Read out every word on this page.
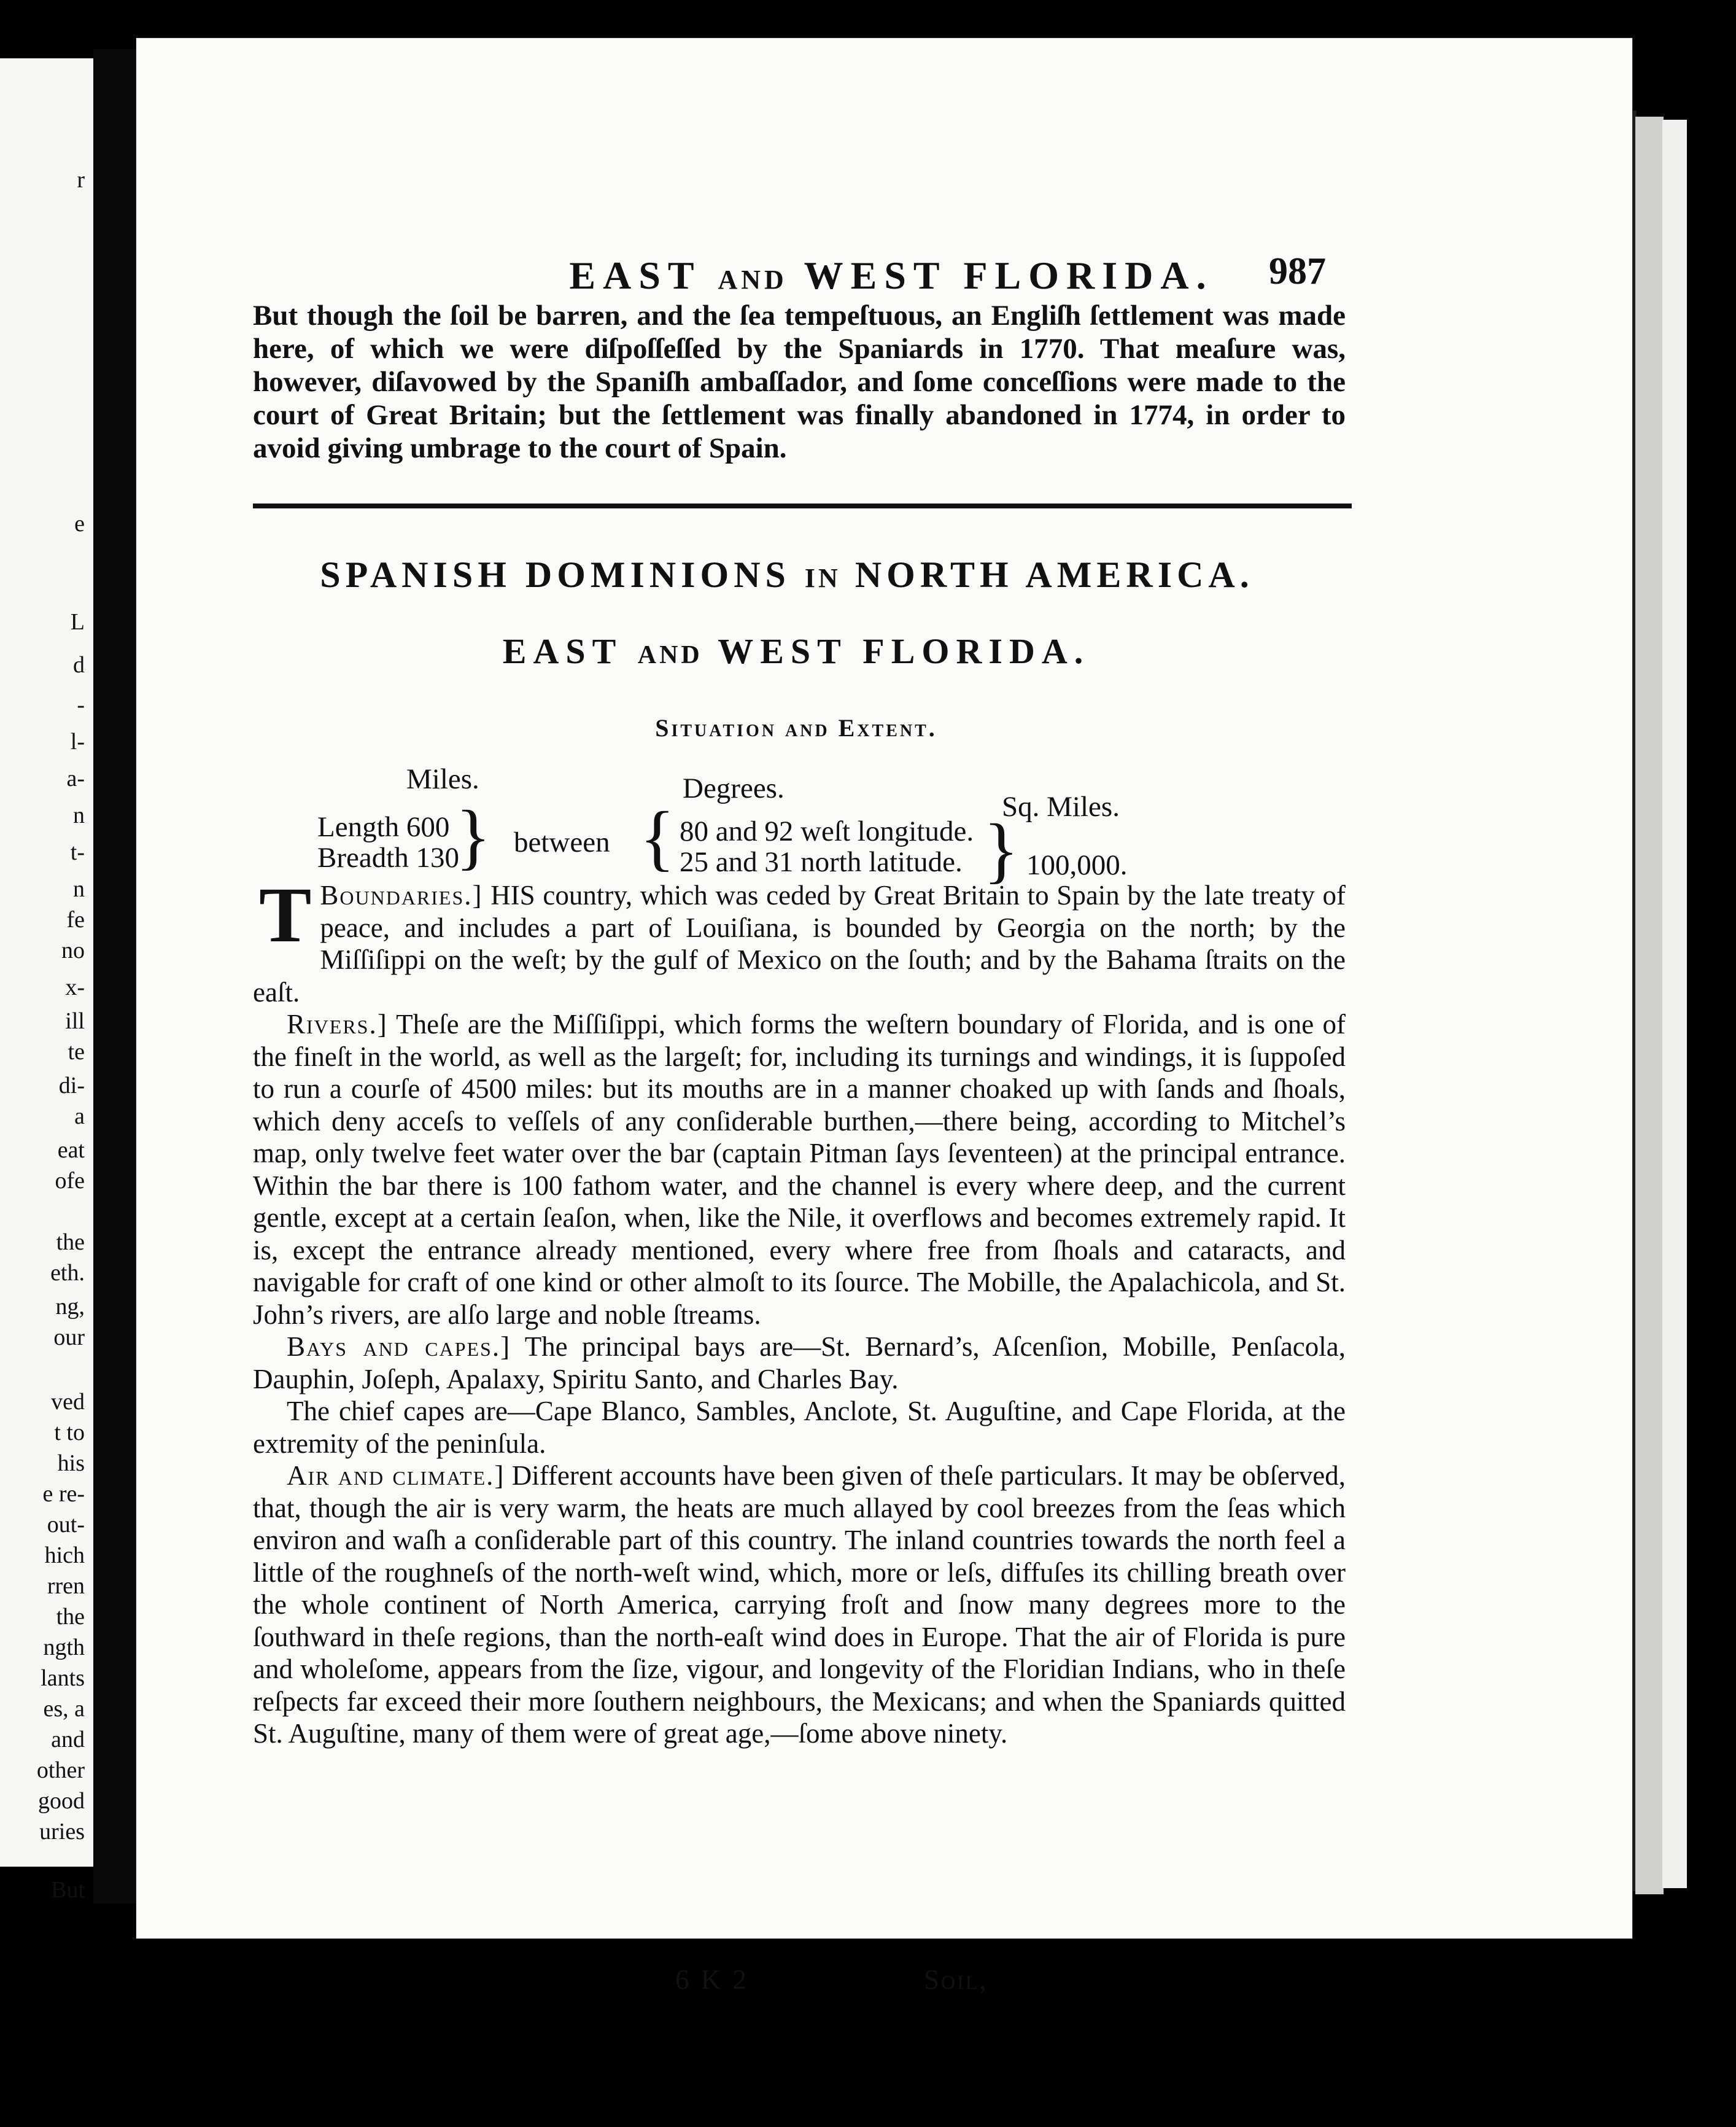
r
e
L
d
-
l-
a-
n
t-
n
fe
no
x-
ill
te
di-
a
eat
ofe
the
eth.
ng,
our
ved
t to
his
e re-
out-
hich
rren
the
ngth
lants
es, a
and
other
good
uries
But
EAST AND WEST FLORIDA.	987
But though the ſoil be barren, and the ſea tempeſtuous, an Engliſh ſettlement was made here, of which we were diſpoſſeſſed by the Spaniards in 1770. That meaſure was, however, diſavowed by the Spaniſh ambaſſador, and ſome conceſſions were made to the court of Great Britain; but the ſettlement was finally abandoned in 1774, in order to avoid giving umbrage to the court of Spain.
SPANISH DOMINIONS IN NORTH AMERICA.
EAST AND WEST FLORIDA.
Situation and Extent.
Miles.	Degrees.
Sq. Miles.
Length 600
Breadth 130
} between { 80 and 92 weſt longitude.
25 and 31 north latitude. } 100,000.

Boundaries.]
T	HIS country, which was ceded by Great Britain to Spain by the late treaty of peace, and includes a part of Louiſiana, is bounded by Georgia on the north; by the Miſſiſippi on the weſt; by the gulf of Mexico on the ſouth; and by the Bahama ſtraits on the eaſt.

Rivers.] Theſe are the Miſſiſippi, which forms the weſtern boundary of Florida, and is one of the fineſt in the world, as well as the largeſt; for, including its turnings and windings, it is ſuppoſed to run a courſe of 4500 miles: but its mouths are in a manner choaked up with ſands and ſhoals, which deny acceſs to veſſels of any conſiderable burthen,—there being, according to Mitchel’s map, only twelve feet water over the bar (captain Pitman ſays ſeventeen) at the principal entrance. Within the bar there is 100 fathom water, and the channel is every where deep, and the current gentle, except at a certain ſeaſon, when, like the Nile, it overflows and becomes extremely rapid. It is, except the entrance already mentioned, every where free from ſhoals and cataracts, and navigable for craft of one kind or other almoſt to its ſource. The Mobille, the Apalachicola, and St. John’s rivers, are alſo large and noble ſtreams.

Bays and capes.] The principal bays are—St. Bernard’s, Aſcenſion, Mobille, Penſacola, Dauphin, Joſeph, Apalaxy, Spiritu Santo, and Charles Bay.

The chief capes are—Cape Blanco, Sambles, Anclote, St. Auguſtine, and Cape Florida, at the extremity of the peninſula.

Air and climate.] Different accounts have been given of theſe particulars. It may be obſerved, that, though the air is very warm, the heats are much allayed by cool breezes from the ſeas which environ and waſh a conſiderable part of this country. The inland countries towards the north feel a little of the roughneſs of the north-weſt wind, which, more or leſs, diffuſes its chilling breath over the whole continent of North America, carrying froſt and ſnow many degrees more to the ſouthward in theſe regions, than the north-eaſt wind does in Europe. That the air of Florida is pure and wholeſome, appears from the ſize, vigour, and longevity of the Floridian Indians, who in theſe reſpects far exceed their more ſouthern neighbours, the Mexicans; and when the Spaniards quitted St. Auguſtine, many of them were of great age,—ſome above ninety.

6 K 2	Soil,
